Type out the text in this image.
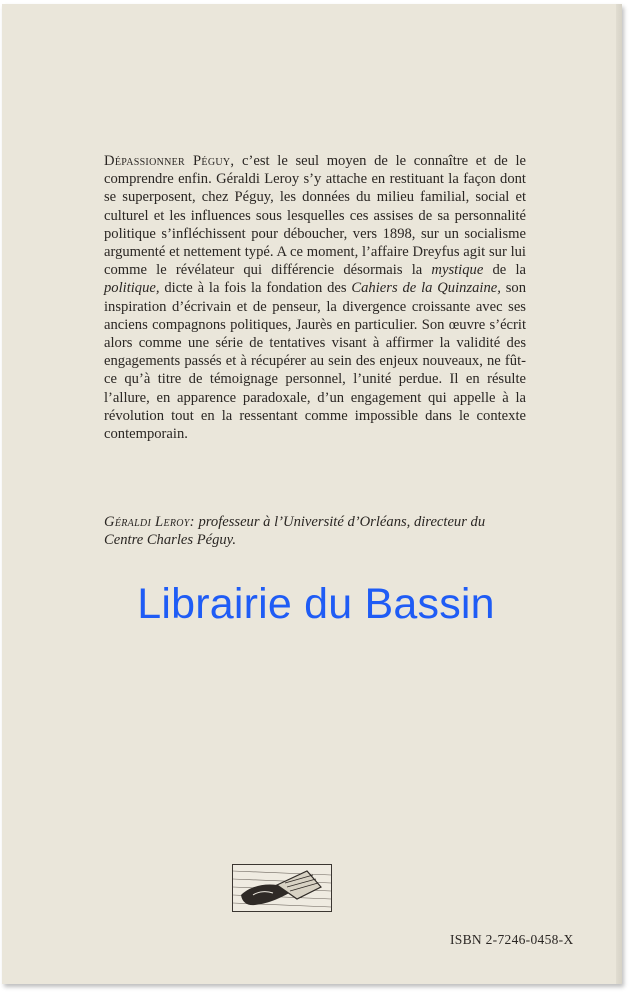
Dépassionner Péguy, c’est le seul moyen de le connaître et de le comprendre enfin. Géraldi Leroy s’y attache en restituant la façon dont se superposent, chez Péguy, les données du milieu familial, social et culturel et les influences sous lesquelles ces assises de sa personnalité politique s’infléchissent pour déboucher, vers 1898, sur un socialisme argumenté et nettement typé. A ce moment, l’affaire Dreyfus agit sur lui comme le révélateur qui différencie désormais la mystique de la politique, dicte à la fois la fondation des Cahiers de la Quinzaine, son inspiration d’écrivain et de penseur, la divergence croissante avec ses anciens compagnons politiques, Jaurès en particulier. Son œuvre s’écrit alors comme une série de tentatives visant à affirmer la validité des engagements passés et à récupérer au sein des enjeux nouveaux, ne fût-ce qu’à titre de témoignage personnel, l’unité perdue. Il en résulte l’allure, en apparence paradoxale, d’un engagement qui appelle à la révolution tout en la ressentant comme impossible dans le contexte contemporain.

Géraldi Leroy: professeur à l’Université d’Orléans, directeur du Centre Charles Péguy.

Librairie du Bassin
ISBN 2-7246-0458-X
